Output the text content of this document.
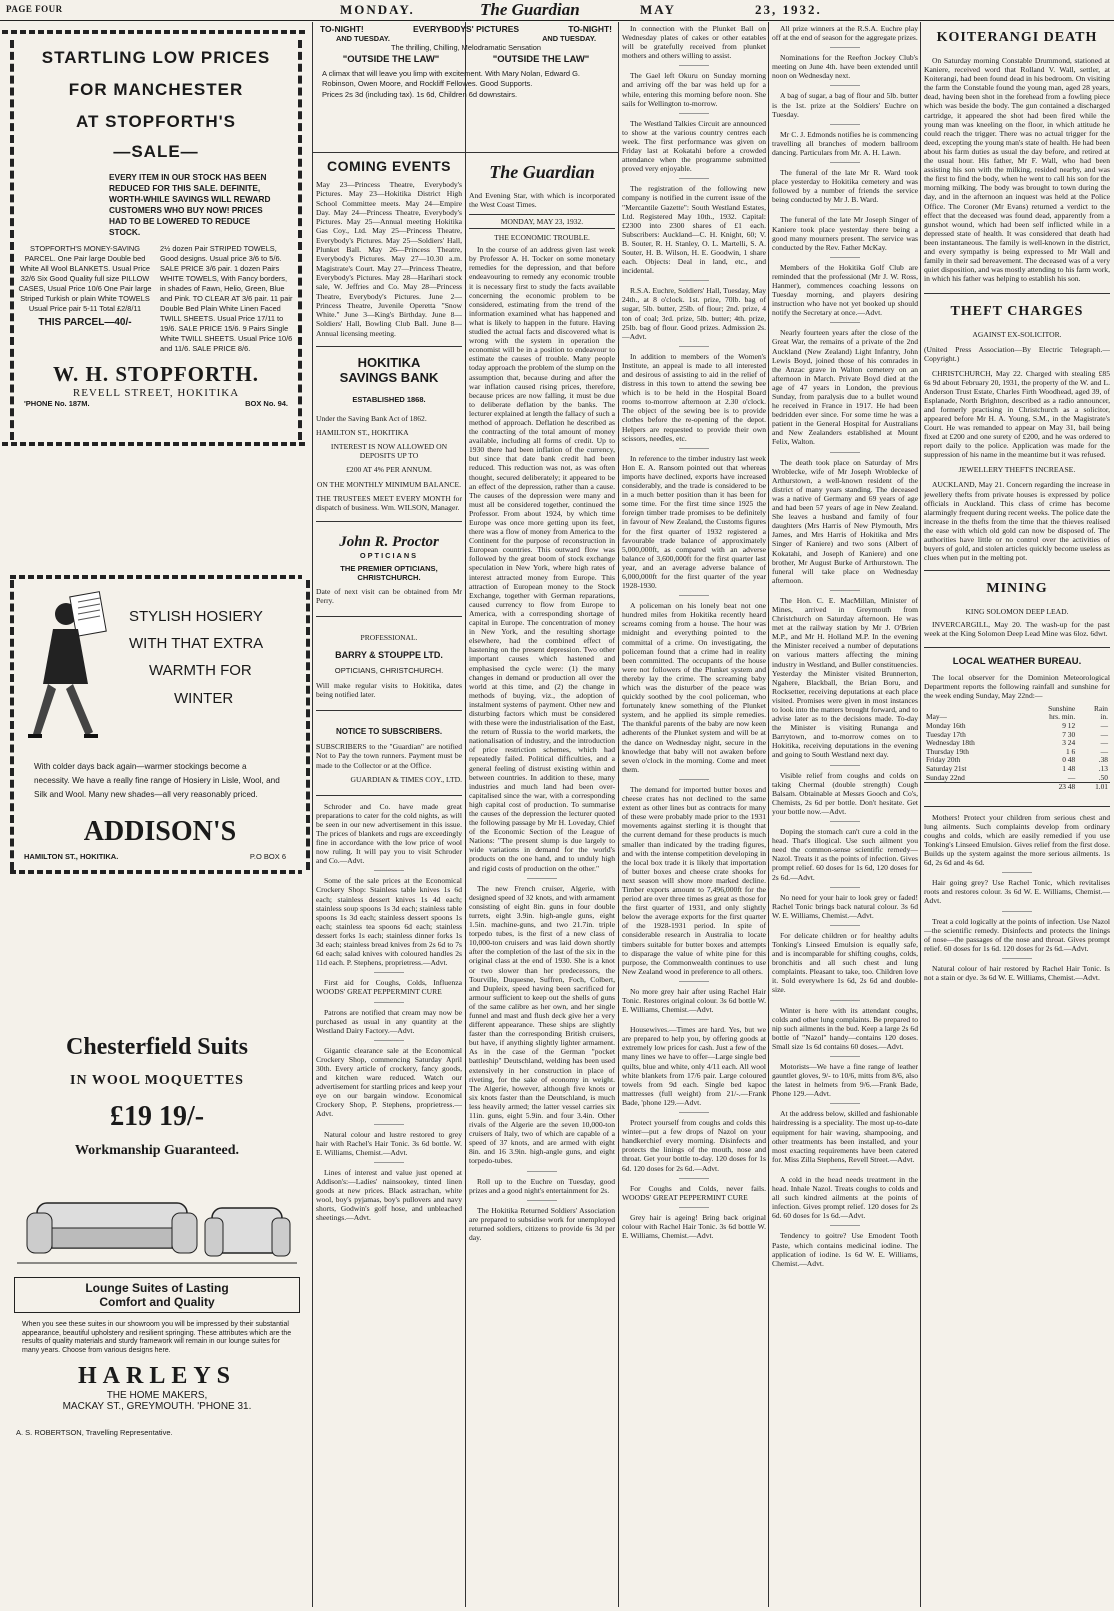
PAGE FOUR	MONDAY.	The Guardian	MAY	23, 1932.
STARTLING LOW PRICES
FOR MANCHESTER
AT STOPFORTH'S
—SALE—
EVERY ITEM IN OUR STOCK HAS BEEN REDUCED FOR THIS SALE. DEFINITE, WORTH-WHILE SAVINGS WILL REWARD CUSTOMERS WHO BUY NOW! PRICES HAD TO BE LOWERED TO REDUCE STOCK.
STOPFORTH'S MONEY-SAVING PARCEL. One Pair large Double bed White All Wool BLANKETS. Usual Price 32/6 Six Good Quality full size PILLOW CASES, Usual Price 10/6 One Pair large Striped Turkish or plain White TOWELS Usual Price pair 5-11 Total £2/8/11
THIS PARCEL—40/-
2½ dozen Pair STRIPED TOWELS, Good designs. Usual price 3/6 to 5/6. SALE PRICE 3/6 pair. 1 dozen Pairs WHITE TOWELS, With Fancy borders, in shades of Fawn, Helio, Green, Blue and Pink. TO CLEAR AT 3/6 pair. 11 pair Double Bed Plain White Linen Faced TWILL SHEETS. Usual Price 17/11 to 19/6. SALE PRICE 15/6. 9 Pairs Single White TWILL SHEETS. Usual Price 10/6 and 11/6. SALE PRICE 8/6.
W. H. STOPFORTH.
REVELL STREET, HOKITIKA
'PHONE No. 187M.	BOX No. 94.
STYLISH HOSIERY
WITH THAT EXTRA
WARMTH FOR
WINTER
With colder days back again—warmer stockings become a necessity. We have a really fine range of Hosiery in Lisle, Wool, and Silk and Wool. Many new shades—all very reasonably priced.
ADDISON'S
HAMILTON ST., HOKITIKA.	P.O BOX 6
Chesterfield Suits
IN WOOL MOQUETTES
£19 19/-
Workmanship Guaranteed.
Lounge Suites of Lasting
Comfort and Quality
When you see these suites in our showroom you will be impressed by their substantial appearance, beautiful upholstery and resilient springing. These attributes which are the results of quality materials and sturdy framework will remain in our lounge suites for many years. Choose from various designs here.
HARLEYS
THE HOME MAKERS,
MACKAY ST., GREYMOUTH. 'PHONE 31.
A. S. ROBERTSON, Travelling Representative.
TO-NIGHT!	EVERYBODYS' PICTURES	TO-NIGHT!
AND TUESDAY.	AND TUESDAY.
The thrilling, Chilling, Melodramatic Sensation
"OUTSIDE THE LAW"	"OUTSIDE THE LAW"
A climax that will leave you limp with excitement. With Mary Nolan, Edward G. Robinson, Owen Moore, and Rockliff Fellowes. Good Supports.
Prices 2s 3d (including tax). 1s 6d, Children 6d downstairs.
COMING EVENTS

May 23—Princess Theatre, Everybody's Pictures. May 23—Hokitika District High School Committee meets. May 24—Empire Day. May 24—Princess Theatre, Everybody's Pictures. May 25—Annual meeting Hokitika Gas Coy., Ltd. May 25—Princess Theatre, Everybody's Pictures. May 25—Soldiers' Hall, Plunket Ball. May 26—Princess Theatre, Everybody's Pictures. May 27—10.30 a.m. Magistrate's Court. May 27—Princess Theatre, Everybody's Pictures. May 28—Harihari stock sale, W. Jeffries and Co. May 28—Princess Theatre, Everybody's Pictures. June 2—Princess Theatre, Juvenile Operetta "Snow White." June 3—King's Birthday. June 8—Soldiers' Hall, Bowling Club Ball. June 8—Annual licensing meeting.

HOKITIKA
SAVINGS BANK
ESTABLISHED 1868.

Under the Saving Bank Act of 1862.

HAMILTON ST., HOKITIKA

INTEREST IS NOW ALLOWED ON DEPOSITS UP TO

£200 AT 4% PER ANNUM.

ON THE MONTHLY MINIMUM BALANCE.

THE TRUSTEES MEET EVERY MONTH for dispatch of business. Wm. WILSON, Manager.

John R. Proctor
OPTICIANS

THE PREMIER OPTICIANS, CHRISTCHURCH.

Date of next visit can be obtained from Mr Perry.

PROFESSIONAL.
BARRY & STOUPPE LTD.
OPTICIANS, CHRISTCHURCH.

Will make regular visits to Hokitika, dates being notified later.

NOTICE TO SUBSCRIBERS.

SUBSCRIBERS to the "Guardian" are notified Not to Pay the town runners. Payment must be made to the Collector or at the Office.

GUARDIAN & TIMES COY., LTD.

Schroder and Co. have made great preparations to cater for the cold nights, as will be seen in our new advertisement in this issue. The prices of blankets and rugs are exceedingly fine in accordance with the low price of wool now ruling. It will pay you to visit Schroder and Co.—Advt.

Some of the sale prices at the Economical Crockery Shop: Stainless table knives 1s 6d each; stainless dessert knives 1s 4d each; stainless soup spoons 1s 3d each; stainless table spoons 1s 3d each; stainless dessert spoons 1s each; stainless tea spoons 6d each; stainless dessert forks 1s each; stainless dinner forks 1s 3d each; stainless bread knives from 2s 6d to 7s 6d each; salad knives with coloured handles 2s 11d each. P. Stephens, proprietress.—Advt.

First aid for Coughs, Colds, Influenza WOODS' GREAT PEPPERMINT CURE

Patrons are notified that cream may now be purchased as usual in any quantity at the Westland Dairy Factory.—Advt.

Gigantic clearance sale at the Economical Crockery Shop, commencing Saturday April 30th. Every article of crockery, fancy goods, and kitchen ware reduced. Watch our advertisement for startling prices and keep your eye on our bargain window. Economical Crockery Shop, P. Stephens, proprietress.—Advt.

Natural colour and lustre restored to grey hair with Rachel's Hair Tonic. 3s 6d bottle. W. E. Williams, Chemist.—Advt.

Lines of interest and value just opened at Addison's:—Ladies' nainsookey, tinted linen goods at new prices. Black astrachan, white wool, boy's pyjamas, boy's pullovers and navy shorts, Godwin's golf hose, and unbleached sheetings.—Advt.

The Guardian

And Evening Star, with which is incorporated the West Coast Times.

MONDAY, MAY 23, 1932.
THE ECONOMIC TROUBLE.

In the course of an address given last week by Professor A. H. Tocker on some monetary remedies for the depression, and that before endeavouring to remedy any economic trouble it is necessary first to study the facts available concerning the economic problem to be considered, estimating from the trend of the information examined what has happened and what is likely to happen in the future. Having studied the actual facts and discovered what is wrong with the system in operation the economist will be in a position to endeavour to estimate the causes of trouble. Many people today approach the problem of the slump on the assumption that, because during and after the war inflation caused rising prices, therefore, because prices are now falling, it must be due to deliberate deflation by the banks. The lecturer explained at length the fallacy of such a method of approach. Deflation he described as the contracting of the total amount of money available, including all forms of credit. Up to 1930 there had been inflation of the currency, but since that date bank credit had been reduced. This reduction was not, as was often thought, secured deliberately; it appeared to be an effect of the depression, rather than a cause. The causes of the depression were many and must all be considered together, continued the Professor. From about 1924, by which time Europe was once more getting upon its feet, there was a flow of money from America to the Continent for the purpose of reconstruction in European countries. This outward flow was followed by the great boom of stock exchange speculation in New York, where high rates of interest attracted money from Europe. This attraction of European money to the Stock Exchange, together with German reparations, caused currency to flow from Europe to America, with a corresponding shortage of capital in Europe. The concentration of money in New York, and the resulting shortage elsewhere, had the combined effect of hastening on the present depression. Two other important causes which hastened and emphasised the cycle were: (1) the many changes in demand or production all over the world at this time, and (2) the change in methods of buying, viz., the adoption of instalment systems of payment. Other new and disturbing factors which must be considered with these were the industrialisation of the East, the return of Russia to the world markets, the nationalisation of industry, and the introduction of price restriction schemes, which had repeatedly failed. Political difficulties, and a general feeling of distrust existing within and between countries. In addition to these, many industries and much land had been over-capitalised since the war, with a corresponding high capital cost of production. To summarise the causes of the depression the lecturer quoted the following passage by Mr H. Loveday, Chief of the Economic Section of the League of Nations: "The present slump is due largely to wide variations in demand for the world's products on the one hand, and to unduly high and rigid costs of production on the other."

The new French cruiser, Algerie, with designed speed of 32 knots, and with armament consisting of eight 8in. guns in four double turrets, eight 3.9in. high-angle guns, eight 1.5in. machine-guns, and two 21.7in. triple torpedo tubes, is the first of a new class of 10,000-ton cruisers and was laid down shortly after the completion of the last of the six in the original class at the end of 1930. She is a knot or two slower than her predecessors, the Tourville, Duquesne, Suffren, Foch, Colbert, and Dupleix, speed having been sacrificed for armour sufficient to keep out the shells of guns of the same calibre as her own, and her single funnel and mast and flush deck give her a very different appearance. These ships are slightly faster than the corresponding British cruisers, but have, if anything slightly lighter armament. As in the case of the German "pocket battleship" Deutschland, welding has been used extensively in her construction in place of riveting, for the sake of economy in weight. The Algerie, however, although five knots or six knots faster than the Deutschland, is much less heavily armed; the latter vessel carries six 11in. guns, eight 5.9in. and four 3.4in. Other rivals of the Algerie are the seven 10,000-ton cruisers of Italy, two of which are capable of a speed of 37 knots, and are armed with eight 8in. and 16 3.9in. high-angle guns, and eight torpedo-tubes.

Roll up to the Euchre on Tuesday, good prizes and a good night's entertainment for 2s.

The Hokitika Returned Soldiers' Association are prepared to subsidise work for unemployed returned soldiers, citizens to provide 6s 3d per day.

In connection with the Plunket Ball on Wednesday plates of cakes or other eatables will be gratefully received from plunket mothers and others willing to assist.

The Gael left Okuru on Sunday morning and arriving off the bar was held up for a while, entering this morning before noon. She sails for Wellington to-morrow.

The Westland Talkies Circuit are announced to show at the various country centres each week. The first performance was given on Friday last at Kokatahi before a crowded attendance when the programme submitted proved very enjoyable.

The registration of the following new company is notified in the current issue of the "Mercantile Gazette": South Westland Estates, Ltd. Registered May 10th., 1932. Capital: £2300 into 2300 shares of £1 each. Subscribers: Auckland—C. H. Knight, 60; V. B. Souter, R. H. Stanley, O. L. Martelli, S. A. Souter, H. B. Wilson, H. E. Goodwin, 1 share each. Objects: Deal in land, etc., and incidental.

R.S.A. Euchre, Soldiers' Hall, Tuesday, May 24th., at 8 o'clock. 1st. prize, 70lb. bag of sugar, 5lb. butter, 25lb. of flour; 2nd. prize, 4 ton of coal; 3rd. prize, 5lb. butter; 4th. prize, 25lb. bag of flour. Good prizes. Admission 2s.—Advt.

In addition to members of the Women's Institute, an appeal is made to all interested and desirous of assisting to aid in the relief of distress in this town to attend the sewing bee which is to be held in the Hospital Board rooms to-morrow afternoon at 2.30 o'clock. The object of the sewing bee is to provide clothes before the re-opening of the depot. Helpers are requested to provide their own scissors, needles, etc.

In reference to the timber industry last week Hon E. A. Ransom pointed out that whereas imports have declined, exports have increased considerably, and the trade is considered to be in a much better position than it has been for some time. For the first time since 1925 the foreign timber trade promises to be definitely in favour of New Zealand, the Customs figures for the first quarter of 1932 registered a favourable trade balance of approximately 5,000,000ft, as compared with an adverse balance of 3,600,000ft for the first quarter last year, and an average adverse balance of 6,000,000ft for the first quarter of the year 1928-1930.

A policeman on his lonely beat not one hundred miles from Hokitika recently heard screams coming from a house. The hour was midnight and everything pointed to the committal of a crime. On investigating, the policeman found that a crime had in reality been committed. The occupants of the house were not followers of the Plunket system and thereby lay the crime. The screaming baby which was the disturber of the peace was quickly soothed by the cool policeman, who fortunately knew something of the Plunket system, and he applied its simple remedies. The thankful parents of the baby are now keen adherents of the Plunket system and will be at the dance on Wednesday night, secure in the knowledge that baby will not awaken before seven o'clock in the morning. Come and meet them.

The demand for imported butter boxes and cheese crates has not declined to the same extent as other lines but as contracts for many of these were probably made prior to the 1931 movements against sterling it is thought that the current demand for these products is much smaller than indicated by the trading figures, and with the intense competition developing in the local box trade it is likely that importation of butter boxes and cheese crate shooks for next season will show more marked decline. Timber exports amount to 7,496,000ft for the period are over three times as great as those for the first quarter of 1931, and only slightly below the average exports for the first quarter of the 1928-1931 period. In spite of considerable research in Australia to locate timbers suitable for butter boxes and attempts to disparage the value of white pine for this purpose, the Commonwealth continues to use New Zealand wood in preference to all others.

No more grey hair after using Rachel Hair Tonic. Restores original colour. 3s 6d bottle W. E. Williams, Chemist.—Advt.

Housewives.—Times are hard. Yes, but we are prepared to help you, by offering goods at extremely low prices for cash. Just a few of the many lines we have to offer—Large single bed quilts, blue and white, only 4/11 each. All wool white blankets from 17/6 pair. Large coloured towels from 9d each. Single bed kapoc mattresses (full weight) from 21/-.—Frank Bade, 'phone 129.—Advt.

Protect yourself from coughs and colds this winter—put a few drops of Nazol on your handkerchief every morning. Disinfects and protects the linings of the mouth, nose and throat. Get your bottle to-day. 120 doses for 1s 6d. 120 doses for 2s 6d.—Advt.

For Coughs and Colds, never fails. WOODS' GREAT PEPPERMINT CURE

Grey hair is ageing! Bring back original colour with Rachel Hair Tonic. 3s 6d bottle W. E. Williams, Chemist.—Advt.

All prize winners at the R.S.A. Euchre play off at the end of season for the aggregate prizes.

Nominations for the Reefton Jockey Club's meeting on June 4th. have been extended until noon on Wednesday next.

A bag of sugar, a bag of flour and 5lb. butter is the 1st. prize at the Soldiers' Euchre on Tuesday.

Mr C. J. Edmonds notifies he is commencing travelling all branches of modern ballroom dancing. Particulars from Mr. A. H. Lawn.

The funeral of the late Mr R. Ward took place yesterday to Hokitika cemetery and was followed by a number of friends the service being conducted by Mr J. B. Ward.

The funeral of the late Mr Joseph Singer of Kaniere took place yesterday there being a good many mourners present. The service was conducted by the Rev. Father McKay.

Members of the Hokitika Golf Club are reminded that the professional (Mr J. W. Ross, Hanmer), commences coaching lessons on Tuesday morning, and players desiring instruction who have not yet booked up should notify the Secretary at once.—Advt.

Nearly fourteen years after the close of the Great War, the remains of a private of the 2nd Auckland (New Zealand) Light Infantry, John Lewis Boyd, joined those of his comrades in the Anzac grave in Walton cemetery on an afternoon in March. Private Boyd died at the age of 47 years in London, the previous Sunday, from paralysis due to a bullet wound he received in France in 1917. He had been bedridden ever since. For some time he was a patient in the General Hospital for Australians and New Zealanders established at Mount Felix, Walton.

The death took place on Saturday of Mrs Wroblecke, wife of Mr Joseph Wroblecke of Arthurstown, a well-known resident of the district of many years standing. The deceased was a native of Germany and 69 years of age and had been 57 years of age in New Zealand. She leaves a husband and family of four daughters (Mrs Harris of New Plymouth, Mrs James, and Mrs Harris of Hokitika and Mrs Singer of Kaniere) and two sons (Albert of Kokatahi, and Joseph of Kaniere) and one brother, Mr August Burke of Arthurstown. The funeral will take place on Wednesday afternoon.

The Hon. C. E. MacMillan, Minister of Mines, arrived in Greymouth from Christchurch on Saturday afternoon. He was met at the railway station by Mr J. O'Brien M.P., and Mr H. Holland M.P. In the evening the Minister received a number of deputations on various matters affecting the mining industry in Westland, and Buller constituencies. Yesterday the Minister visited Brunnerton, Ngahere, Blackball, the Brian Boru, and Rocksetter, receiving deputations at each place visited. Promises were given in most instances to look into the matters brought forward, and to advise later as to the decisions made. To-day the Minister is visiting Runanga and Barrytown, and to-morrow comes on to Hokitika, receiving deputations in the evening and going to South Westland next day.

Visible relief from coughs and colds on taking Chermal (double strength) Cough Balsam. Obtainable at Messrs Gooch and Co's, Chemists, 2s 6d per bottle. Don't hesitate. Get your bottle now.—Advt.

Doping the stomach can't cure a cold in the head. That's illogical. Use such ailment you need the common-sense scientific remedy—Nazol. Treats it as the points of infection. Gives prompt relief. 60 doses for 1s 6d, 120 doses for 2s 6d.—Advt.

No need for your hair to look grey or faded! Rachel Tonic brings back natural colour. 3s 6d W. E. Williams, Chemist.—Advt.

For delicate children or for healthy adults Tonking's Linseed Emulsion is equally safe, and is incomparable for shifting coughs, colds, bronchitis and all such chest and lung complaints. Pleasant to take, too. Children love it. Sold everywhere 1s 6d, 2s 6d and double-size.

Winter is here with its attendant coughs, colds and other lung complaints. Be prepared to nip such ailments in the bud. Keep a large 2s 6d bottle of "Nazol" handy—contains 120 doses. Small size 1s 6d contains 60 doses.—Advt.

Motorists—We have a fine range of leather gauntlet gloves, 9/- to 10/6, mitts from 8/6, also the latest in helmets from 9/6.—Frank Bade, Phone 129.—Advt.

At the address below, skilled and fashionable hairdressing is a speciality. The most up-to-date equipment for hair waving, shampooing, and other treatments has been installed, and your most exacting requirements have been catered for. Miss Zilla Stephens, Revell Street.—Advt.

A cold in the head needs treatment in the head. Inhale Nazol. Treats coughs to colds and all such kindred ailments at the points of infection. Gives prompt relief. 120 doses for 2s 6d. 60 doses for 1s 6d.—Advt.

Tendency to goitre? Use Emodent Tooth Paste, which contains medicinal iodine. The application of iodine. 1s 6d W. E. Williams, Chemist.—Advt.

KOITERANGI DEATH

On Saturday morning Constable Drummond, stationed at Kaniere, received word that Rolland V. Wall, settler, at Koiterangi, had been found dead in his bedroom. On visiting the farm the Constable found the young man, aged 28 years, dead, having been shot in the forehead from a fowling piece which was beside the body. The gun contained a discharged cartridge, it appeared the shot had been fired while the young man was kneeling on the floor, in which attitude he could reach the trigger. There was no actual trigger for the deed, excepting the young man's state of health. He had been about his farm duties as usual the day before, and retired at the usual hour. His father, Mr F. Wall, who had been assisting his son with the milking, resided nearby, and was the first to find the body, when he went to call his son for the morning milking. The body was brought to town during the day, and in the afternoon an inquest was held at the Police Office. The Coroner (Mr Evans) returned a verdict to the effect that the deceased was found dead, apparently from a gunshot wound, which had been self inflicted while in a depressed state of health. It was considered that death had been instantaneous. The family is well-known in the district, and every sympathy is being expressed to Mr Wall and family in their sad bereavement. The deceased was of a very quiet disposition, and was mostly attending to his farm work, in which his father was helping to establish his son.

THEFT CHARGES
AGAINST EX-SOLICITOR.

(United Press Association—By Electric Telegraph.—Copyright.)

CHRISTCHURCH, May 22. Charged with stealing £85 6s 9d about February 20, 1931, the property of the W. and L. Anderson Trust Estate, Charles Firth Woodhead, aged 39, of Esplanade, North Brighton, described as a radio announcer, and formerly practising in Christchurch as a solicitor, appeared before Mr H. A. Young, S.M., in the Magistrate's Court. He was remanded to appear on May 31, bail being fixed at £200 and one surety of £200, and he was ordered to report daily to the police. Application was made for the suppression of his name in the meantime but it was refused.

JEWELLERY THEFTS INCREASE.

AUCKLAND, May 21. Concern regarding the increase in jewellery thefts from private houses is expressed by police officials in Auckland. This class of crime has become alarmingly frequent during recent weeks. The police date the increase in the thefts from the time that the thieves realised the ease with which old gold can now be disposed of. The authorities have little or no control over the activities of buyers of gold, and stolen articles quickly become useless as clues when put in the melting pot.

MINING
KING SOLOMON DEEP LEAD.

INVERCARGILL, May 20. The wash-up for the past week at the King Solomon Deep Lead Mine was 6loz. 6dwt.

LOCAL WEATHER BUREAU.

The local observer for the Dominion Meteorological Department reports the following rainfall and sunshine for the week ending Sunday, May 22nd:—

	Sunshine	Rain
May—	hrs. min.	in.
Monday 16th	9 12	—
Tuesday 17th	7 30	—
Wednesday 18th	3 24	—
Thursday 19th	1 6	—
Friday 20th	0 48	.38
Saturday 21st	1 48	.13
Sunday 22nd	—	.50
	23 48	1.01

Mothers! Protect your children from serious chest and lung ailments. Such complaints develop from ordinary coughs and colds, which are easily remedied if you use Tonking's Linseed Emulsion. Gives relief from the first dose. Builds up the system against the more serious ailments. 1s 6d, 2s 6d and 4s 6d.

Hair going grey? Use Rachel Tonic, which revitalises roots and restores colour. 3s 6d W. E. Williams, Chemist.—Advt.

Treat a cold logically at the points of infection. Use Nazol—the scientific remedy. Disinfects and protects the linings of nose—the passages of the nose and throat. Gives prompt relief. 60 doses for 1s 6d. 120 doses for 2s 6d.—Advt.

Natural colour of hair restored by Rachel Hair Tonic. Is not a stain or dye. 3s 6d W. E. Williams, Chemist.—Advt.
